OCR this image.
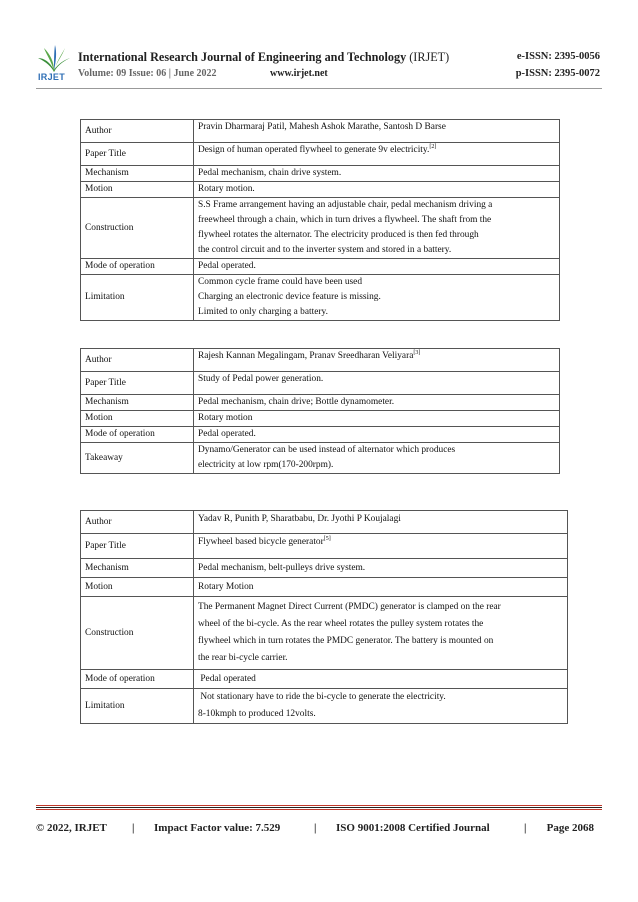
IRJET
International Research Journal of Engineering and Technology (IRJET)	e-ISSN: 2395-0056
Volume: 09 Issue: 06 | June 2022	www.irjet.net	p-ISSN: 2395-0072
Author	Pravin Dharmaraj Patil, Mahesh Ashok Marathe, Santosh D Barse
Paper Title	Design of human operated flywheel to generate 9v electricity.[2]
Mechanism	Pedal mechanism, chain drive system.
Motion	Rotary motion.
Construction	S.S Frame arrangement having an adjustable chair, pedal mechanism driving a
freewheel through a chain, which in turn drives a flywheel. The shaft from the
flywheel rotates the alternator. The electricity produced is then fed through
the control circuit and to the inverter system and stored in a battery.

Mode of operation	Pedal operated.
Limitation	Common cycle frame could have been used
Charging an electronic device feature is missing.
Limited to only charging a battery.
Author	Rajesh Kannan Megalingam, Pranav Sreedharan Veliyara[3]
Paper Title	Study of Pedal power generation.
Mechanism	Pedal mechanism, chain drive; Bottle dynamometer.
Motion	Rotary motion
Mode of operation	Pedal operated.
Takeaway	Dynamo/Generator can be used instead of alternator which produces
electricity at low rpm(170-200rpm).
Author	Yadav R, Punith P, Sharatbabu, Dr. Jyothi P Koujalagi
Paper Title	Flywheel based bicycle generator[5]
Mechanism	Pedal mechanism, belt-pulleys drive system.
Motion	Rotary Motion
Construction	The Permanent Magnet Direct Current (PMDC) generator is clamped on the rear
wheel of the bi-cycle. As the rear wheel rotates the pulley system rotates the
flywheel which in turn rotates the PMDC generator. The battery is mounted on
the rear bi-cycle carrier.

Mode of operation	Pedal operated
Limitation	Not stationary have to ride the bi-cycle to generate the electricity.
8-10kmph to produced 12volts.
© 2022, IRJET | Impact Factor value: 7.529	| ISO 9001:2008 Certified Journal	| Page 2068
